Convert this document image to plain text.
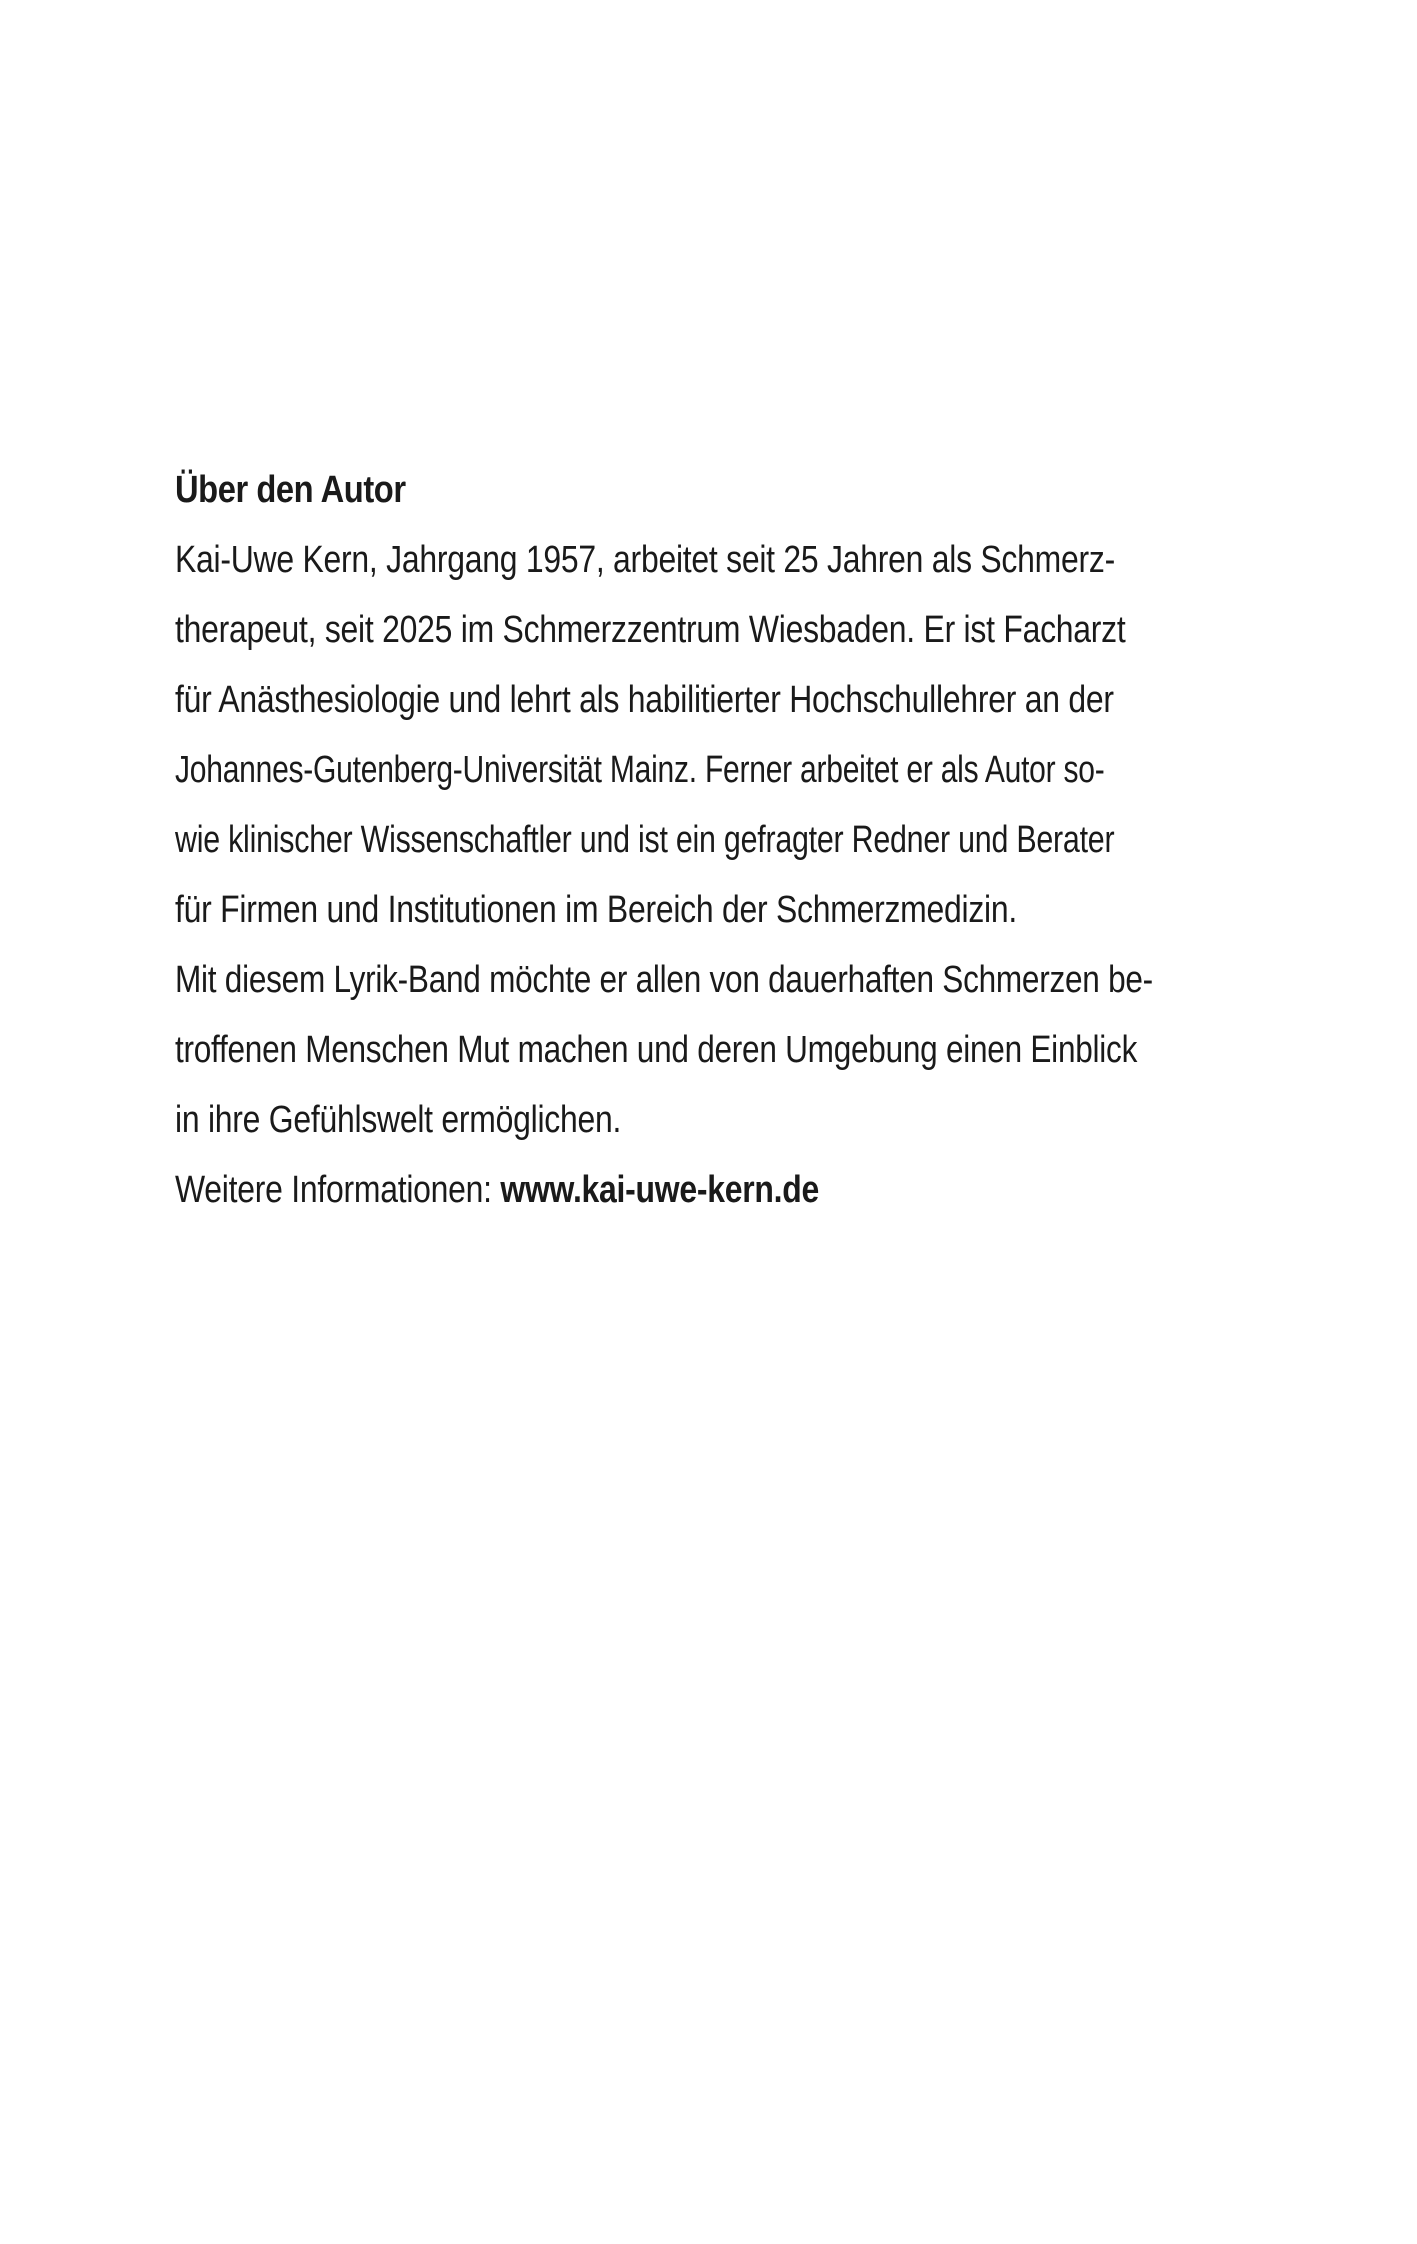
Über den Autor

Kai-Uwe Kern, Jahrgang 1957, arbeitet seit 25 Jahren als Schmerz-

therapeut, seit 2025 im Schmerzzentrum Wiesbaden. Er ist Facharzt

für Anästhesiologie und lehrt als habilitierter Hochschullehrer an der

Johannes-Gutenberg-Universität Mainz. Ferner arbeitet er als Autor so-

wie klinischer Wissenschaftler und ist ein gefragter Redner und Berater

für Firmen und Institutionen im Bereich der Schmerzmedizin.

Mit diesem Lyrik-Band möchte er allen von dauerhaften Schmerzen be-

troffenen Menschen Mut machen und deren Umgebung einen Einblick

in ihre Gefühlswelt ermöglichen.

Weitere Informationen: www.kai-uwe-kern.de
